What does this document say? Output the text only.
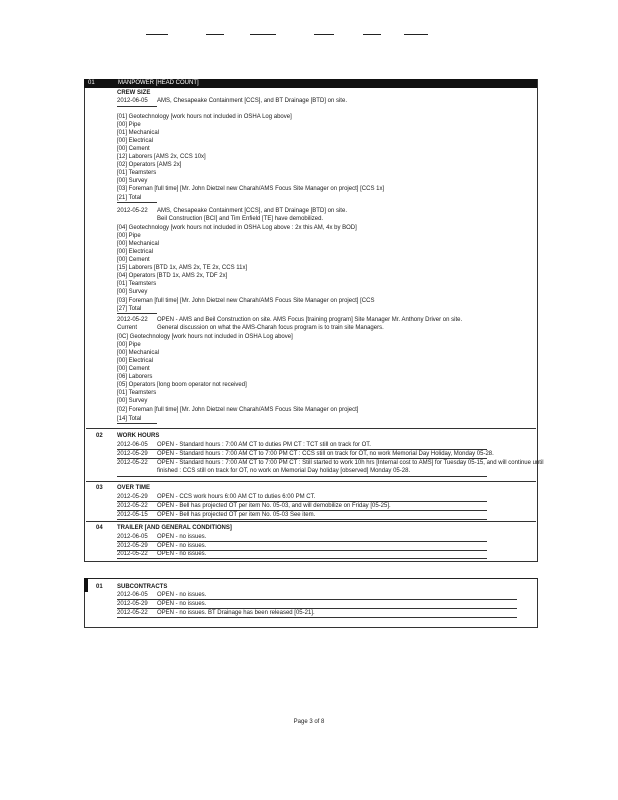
01	MANPOWER [HEAD COUNT]
CREW SIZE
2012-06-05 AMS, Chesapeake Containment [CCS], and BT Drainage [BTD] on site.
[01] Geotechnology [work hours not included in OSHA Log above]
[00] Pipe
[01] Mechanical
[00] Electrical
[00] Cement
[12] Laborers [AMS 2x, CCS 10x]
[02] Operators [AMS 2x]
[01] Teamsters
[00] Survey
[03] Foreman [full time] [Mr. John Dietzel new Charah/AMS Focus Site Manager on project] [CCS 1x]
[21] Total
2012-05-22 AMS, Chesapeake Containment [CCS], and BT Drainage [BTD] on site.
Beil Construction [BCI] and Tim Enfield [TE] have demobilized.
[04] Geotechnology [work hours not included in OSHA Log above : 2x this AM, 4x by BOD]
[00] Pipe
[00] Mechanical
[00] Electrical
[00] Cement
[15] Laborers [BTD 1x, AMS 2x, TE 2x, CCS 11x]
[04] Operators [BTD 1x, AMS 2x, TDF 2x]
[01] Teamsters
[00] Survey
[03] Foreman [full time] [Mr. John Dietzel new Charah/AMS Focus Site Manager on project] [CCS
[27] Total
2012-05-22 OPEN - AMS and Beil Construction on site. AMS Focus [training program] Site Manager Mr. Anthony Driver on site.
Current	General discussion on what the AMS-Charah focus program is to train site Managers.
[0C] Geotechnology [work hours not included in OSHA Log above]
[00] Pipe
[00] Mechanical
[00] Electrical
[00] Cement
[06] Laborers
[05] Operators [long boom operator not received]
[01] Teamsters
[00] Survey
[02] Foreman [full time] [Mr. John Dietzel new Charah/AMS Focus Site Manager on project]
[14] Total
02 WORK HOURS
2012-06-05 OPEN - Standard hours : 7:00 AM CT to duties PM CT : TCT still on track for OT.
2012-05-29 OPEN - Standard hours : 7:00 AM CT to 7:00 PM CT : CCS still on track for OT, no work Memorial Day Holiday, Monday 05-28.
2012-05-22 OPEN - Standard hours : 7:00 AM CT to 7:00 PM CT : Still started to work 10h hrs [Internal cost to AMS] for Tuesday 05-15, and will continue until
finished : CCS still on track for OT, no work on Memorial Day holiday [observed] Monday 05-28.
03 OVER TIME
2012-05-29 OPEN - CCS work hours 6:00 AM CT to duties 6:00 PM CT.
2012-05-22 OPEN - Bell has projected OT per item No. 05-03, and will demobilize on Friday [05-25].
2012-05-15 OPEN - Bell has projected OT per item No. 05-03 See item.
04 TRAILER [AND GENERAL CONDITIONS]
2012-06-05 OPEN - no issues.
2012-05-29 OPEN - no issues.
2012-05-22 OPEN - no issues.
01 SUBCONTRACTS
2012-06-05 OPEN - no issues.
2012-05-29 OPEN - no issues.
2012-05-22 OPEN - no issues. BT Drainage has been released [05-21].
Page 3 of 8
